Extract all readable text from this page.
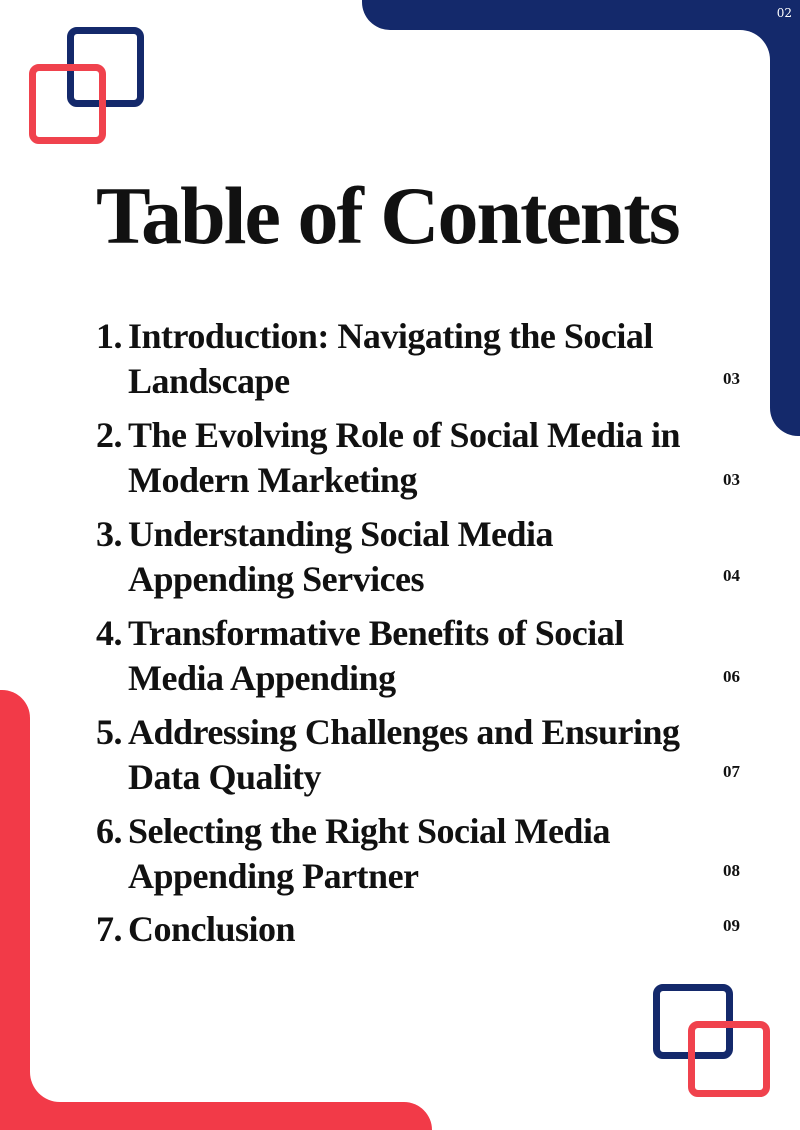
02
Table of Contents
1. Introduction: Navigating the Social Landscape	03
2. The Evolving Role of Social Media in Modern Marketing	03
3. Understanding Social Media Appending Services	04
4. Transformative Benefits of Social Media Appending	06
5. Addressing Challenges and Ensuring Data Quality	07
6. Selecting the Right Social Media Appending Partner	08
7. Conclusion	09
